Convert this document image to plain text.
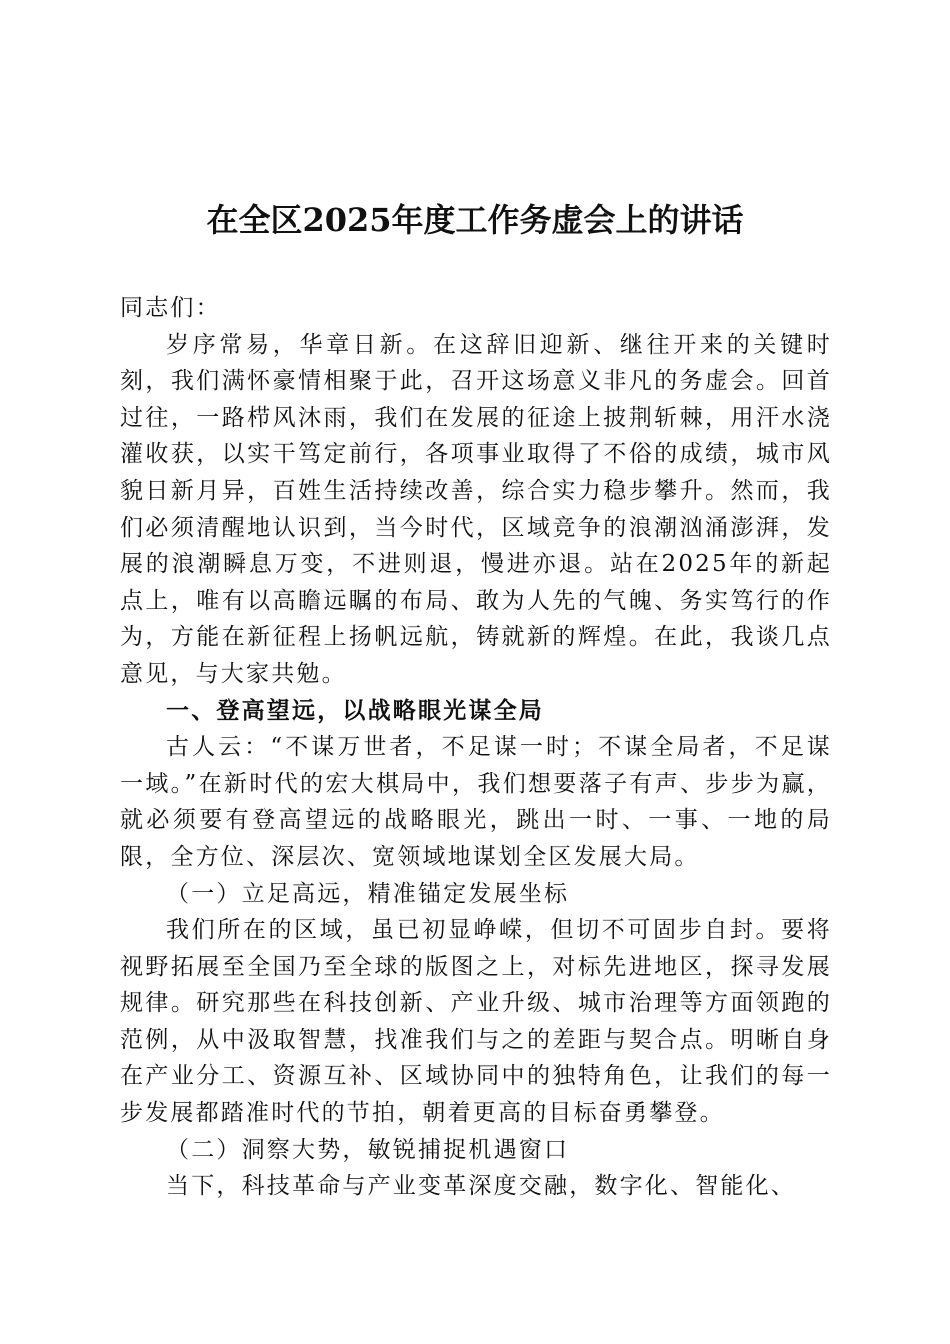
在全区2025年度工作务虚会上的讲话

同志们：

岁序常易，华章日新。在这辞旧迎新、继往开来的关键时刻，我们满怀豪情相聚于此，召开这场意义非凡的务虚会。回首过往，一路栉风沐雨，我们在发展的征途上披荆斩棘，用汗水浇灌收获，以实干笃定前行，各项事业取得了不俗的成绩，城市风貌日新月异，百姓生活持续改善，综合实力稳步攀升。然而，我们必须清醒地认识到，当今时代，区域竞争的浪潮汹涌澎湃，发展的浪潮瞬息万变，不进则退，慢进亦退。站在2025年的新起点上，唯有以高瞻远瞩的布局、敢为人先的气魄、务实笃行的作为，方能在新征程上扬帆远航，铸就新的辉煌。在此，我谈几点意见，与大家共勉。

一、登高望远，以战略眼光谋全局

古人云：“不谋万世者，不足谋一时；不谋全局者，不足谋一域。”在新时代的宏大棋局中，我们想要落子有声、步步为赢，就必须要有登高望远的战略眼光，跳出一时、一事、一地的局限，全方位、深层次、宽领域地谋划全区发展大局。

（一）立足高远，精准锚定发展坐标

我们所在的区域，虽已初显峥嵘，但切不可固步自封。要将视野拓展至全国乃至全球的版图之上，对标先进地区，探寻发展规律。研究那些在科技创新、产业升级、城市治理等方面领跑的范例，从中汲取智慧，找准我们与之的差距与契合点。明晰自身在产业分工、资源互补、区域协同中的独特角色，让我们的每一步发展都踏准时代的节拍，朝着更高的目标奋勇攀登。

（二）洞察大势，敏锐捕捉机遇窗口

当下，科技革命与产业变革深度交融，数字化、智能化、
